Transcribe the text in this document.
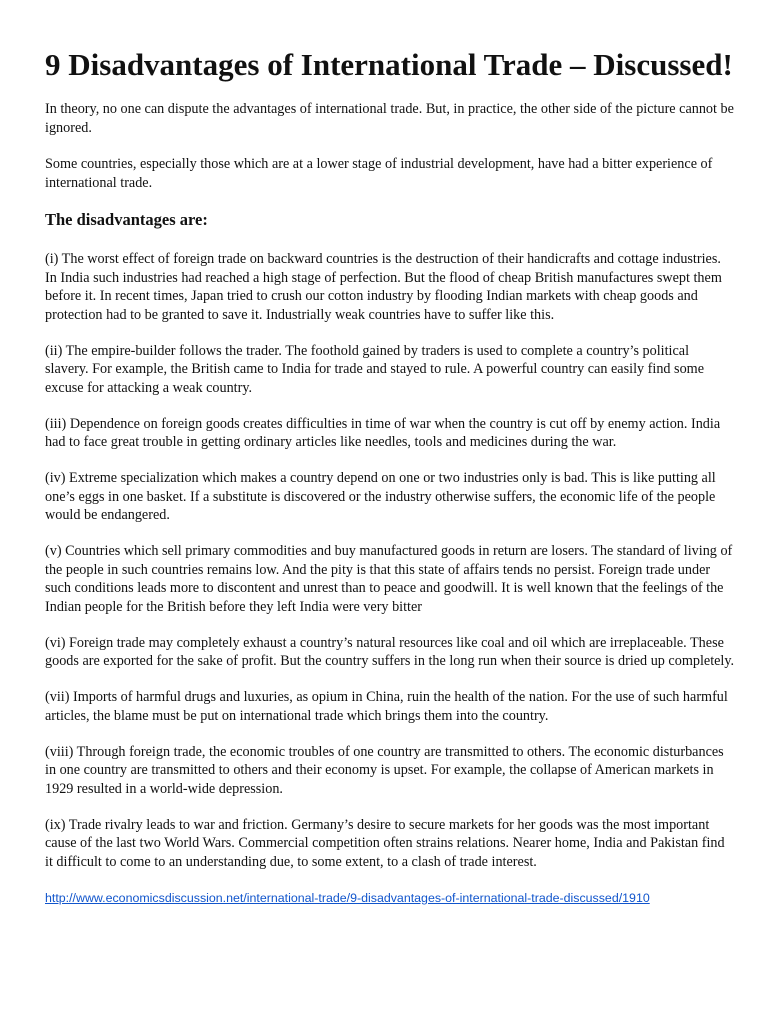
9 Disadvantages of International Trade – Discussed!

In theory, no one can dispute the advantages of international trade. But, in practice, the other side of the picture cannot be ignored.

Some countries, especially those which are at a lower stage of industrial development, have had a bitter experience of international trade.

The disadvantages are:

(i) The worst effect of foreign trade on backward countries is the destruction of their handicrafts and cottage industries. In India such industries had reached a high stage of perfection. But the flood of cheap British manufactures swept them before it. In recent times, Japan tried to crush our cotton industry by flooding Indian markets with cheap goods and protection had to be granted to save it. Industrially weak countries have to suffer like this.

(ii) The empire-builder follows the trader. The foothold gained by traders is used to complete a country’s political slavery. For example, the British came to India for trade and stayed to rule. A powerful country can easily find some excuse for attacking a weak country.

(iii) Dependence on foreign goods creates difficulties in time of war when the country is cut off by enemy action. India had to face great trouble in getting ordinary articles like needles, tools and medicines during the war.

(iv) Extreme specialization which makes a country depend on one or two industries only is bad. This is like putting all one’s eggs in one basket. If a substitute is discovered or the industry otherwise suffers, the economic life of the people would be endangered.

(v) Countries which sell primary commodities and buy manufactured goods in return are losers. The standard of living of the people in such countries remains low. And the pity is that this state of affairs tends no persist. Foreign trade under such conditions leads more to discontent and unrest than to peace and goodwill. It is well known that the feelings of the Indian people for the British before they left India were very bitter

(vi) Foreign trade may completely exhaust a country’s natural resources like coal and oil which are irreplaceable. These goods are exported for the sake of profit. But the country suffers in the long run when their source is dried up completely.

(vii) Imports of harmful drugs and luxuries, as opium in China, ruin the health of the nation. For the use of such harmful articles, the blame must be put on international trade which brings them into the country.

(viii) Through foreign trade, the economic troubles of one country are transmitted to others. The economic disturbances in one country are transmitted to others and their economy is upset. For example, the collapse of American markets in 1929 resulted in a world-wide depression.

(ix) Trade rivalry leads to war and friction. Germany’s desire to secure markets for her goods was the most important cause of the last two World Wars. Commercial competition often strains relations. Nearer home, India and Pakistan find it difficult to come to an understanding due, to some extent, to a clash of trade interest.

http://www.economicsdiscussion.net/international-trade/9-disadvantages-of-international-trade-discussed/1910
